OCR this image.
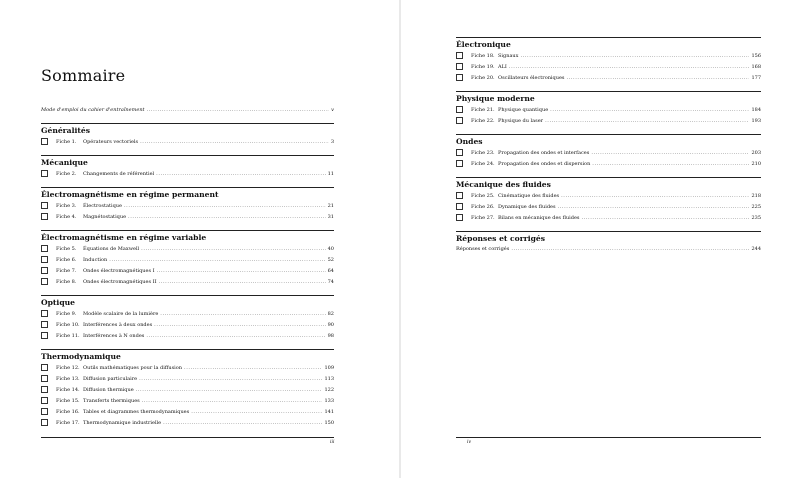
Sommaire
Mode d'emploi du cahier d'entraînement .....	v
Généralités
Fiche 1.	Opérateurs vectoriels .....	3
Mécanique
Fiche 2.	Changements de référentiel .....	11
Électromagnétisme en régime permanent
Fiche 3.	Électrostatique .....	21
Fiche 4.	Magnétostatique .....	31
Électromagnétisme en régime variable
Fiche 5.	Équations de Maxwell .....	40
Fiche 6.	Induction .....	52
Fiche 7.	Ondes électromagnétiques I .....	64
Fiche 8.	Ondes électromagnétiques II .....	74
Optique
Fiche 9.	Modèle scalaire de la lumière .....	82
Fiche 10. Interférences à deux ondes .....	90
Fiche 11. Interférences à N ondes .....	98
Thermodynamique
Fiche 12. Outils mathématiques pour la diffusion .....	109
Fiche 13. Diffusion particulaire .....	113
Fiche 14. Diffusion thermique .....	122
Fiche 15. Transferts thermiques .....	133
Fiche 16. Tables et diagrammes thermodynamiques .....	141
Fiche 17. Thermodynamique industrielle .....	150
iii
Électronique
Fiche 18. Signaux .....	156
Fiche 19. ALI .....	168
Fiche 20. Oscillateurs électroniques .....	177
Physique moderne
Fiche 21. Physique quantique .....	184
Fiche 22. Physique du laser .....	193
Ondes
Fiche 23. Propagation des ondes et interfaces .....	203
Fiche 24. Propagation des ondes et dispersion .....	210
Mécanique des fluides
Fiche 25. Cinématique des fluides .....	218
Fiche 26. Dynamique des fluides .....	225
Fiche 27. Bilans en mécanique des fluides .....	235
Réponses et corrigés
Réponses et corrigés .....	244
iv
